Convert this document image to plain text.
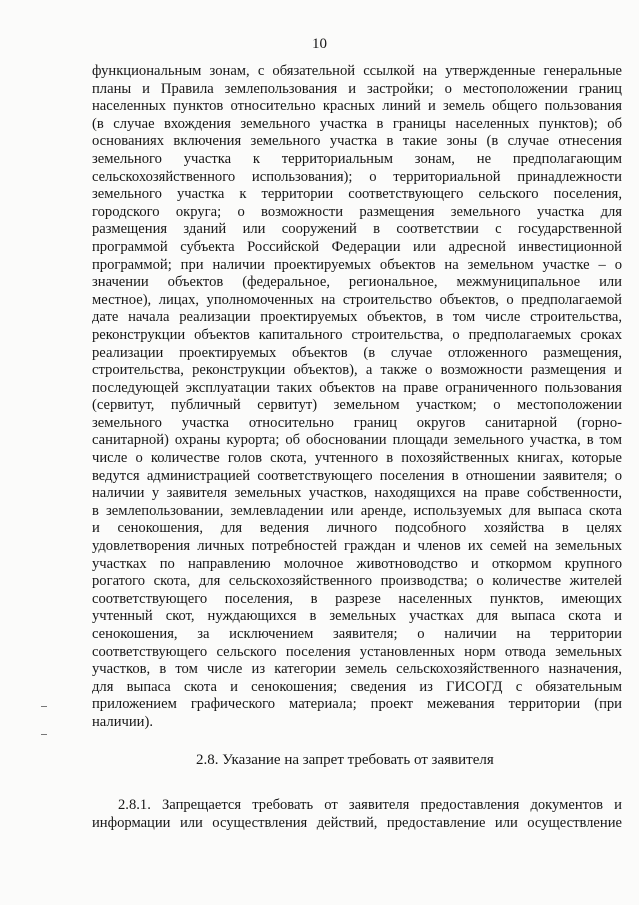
10
функциональным зонам, с обязательной ссылкой на утвержденные генеральные
планы и Правила землепользования и застройки; о местоположении границ
населенных пунктов относительно красных линий и земель общего пользования
(в случае вхождения земельного участка в границы населенных пунктов); об
основаниях включения земельного участка в такие зоны (в случае отнесения
земельного участка к территориальным зонам, не предполагающим
сельскохозяйственного использования); о территориальной принадлежности
земельного участка к территории соответствующего сельского поселения,
городского округа; о возможности размещения земельного участка для
размещения зданий или сооружений в соответствии с государственной
программой субъекта Российской Федерации или адресной инвестиционной
программой; при наличии проектируемых объектов на земельном участке – о
значении объектов (федеральное, региональное, межмуниципальное или
местное), лицах, уполномоченных на строительство объектов, о предполагаемой
дате начала реализации проектируемых объектов, в том числе строительства,
реконструкции объектов капитального строительства, о предполагаемых сроках
реализации проектируемых объектов (в случае отложенного размещения,
строительства, реконструкции объектов), а также о возможности размещения и
последующей эксплуатации таких объектов на праве ограниченного пользования
(сервитут, публичный сервитут) земельном участком; о местоположении
земельного участка относительно границ округов санитарной (горно-
санитарной) охраны курорта; об обосновании площади земельного участка, в том
числе о количестве голов скота, учтенного в похозяйственных книгах, которые
ведутся администрацией соответствующего поселения в отношении заявителя; о
наличии у заявителя земельных участков, находящихся на праве собственности,
в землепользовании, землевладении или аренде, используемых для выпаса скота
и сенокошения, для ведения личного подсобного хозяйства в целях
удовлетворения личных потребностей граждан и членов их семей на земельных
участках по направлению молочное животноводство и откормом крупного
рогатого скота, для сельскохозяйственного производства; о количестве жителей
соответствующего поселения, в разрезе населенных пунктов, имеющих
учтенный скот, нуждающихся в земельных участках для выпаса скота и
сенокошения, за исключением заявителя; о наличии на территории
соответствующего сельского поселения установленных норм отвода земельных
участков, в том числе из категории земель сельскохозяйственного назначения,
для выпаса скота и сенокошения; сведения из ГИСОГД с обязательным
приложением графического материала; проект межевания территории (при
наличии).
2.8. Указание на запрет требовать от заявителя
2.8.1. Запрещается требовать от заявителя предоставления документов и
информации или осуществления действий, предоставление или осуществление
